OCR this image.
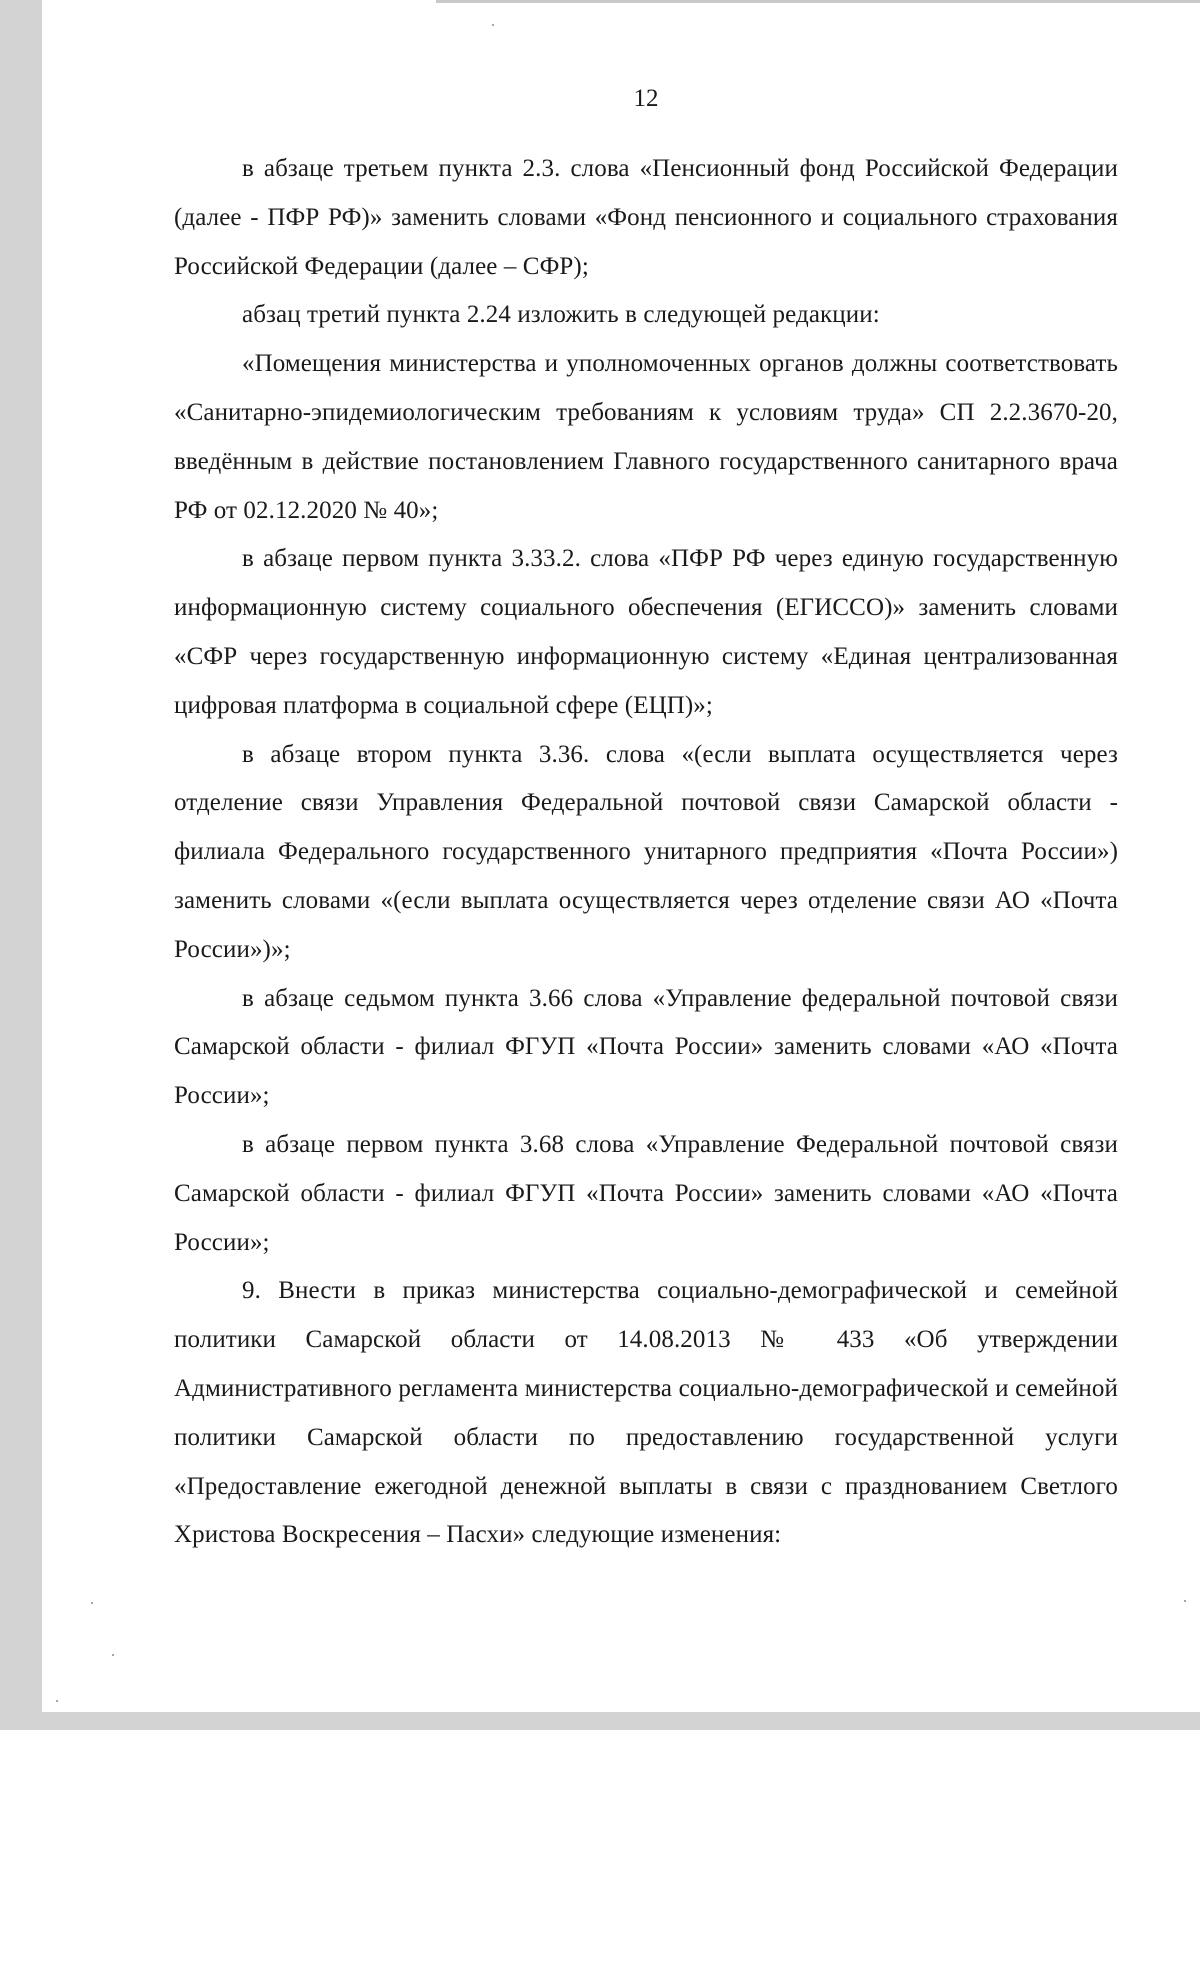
12

в абзаце третьем пункта 2.3. слова «Пенсионный фонд Российской Федерации (далее - ПФР РФ)» заменить словами «Фонд пенсионного и социального страхования Российской Федерации (далее – СФР);

абзац третий пункта 2.24 изложить в следующей редакции:

«Помещения министерства и уполномоченных органов должны соответствовать «Санитарно-эпидемиологическим требованиям к условиям труда» СП 2.2.3670-20, введённым в действие постановлением Главного государственного санитарного врача РФ от 02.12.2020 № 40»;

в абзаце первом пункта 3.33.2. слова «ПФР РФ через единую государственную информационную систему социального обеспечения (ЕГИССО)» заменить словами «СФР через государственную информационную систему «Единая централизованная цифровая платформа в социальной сфере (ЕЦП)»;

в абзаце втором пункта 3.36. слова «(если выплата осуществляется через отделение связи Управления Федеральной почтовой связи Самарской области - филиала Федерального государственного унитарного предприятия «Почта России») заменить словами «(если выплата осуществляется через отделение связи АО «Почта России»)»;

в абзаце седьмом пункта 3.66 слова «Управление федеральной почтовой связи Самарской области - филиал ФГУП «Почта России» заменить словами «АО «Почта России»;

в абзаце первом пункта 3.68 слова «Управление Федеральной почтовой связи Самарской области - филиал ФГУП «Почта России» заменить словами «АО «Почта России»;

9. Внести в приказ министерства социально-демографической и семейной политики Самарской области от 14.08.2013 № 433 «Об утверждении Административного регламента министерства социально-демографической и семейной политики Самарской области по предоставлению государственной услуги «Предоставление ежегодной денежной выплаты в связи с празднованием Светлого Христова Воскресения – Пасхи» следующие изменения:
